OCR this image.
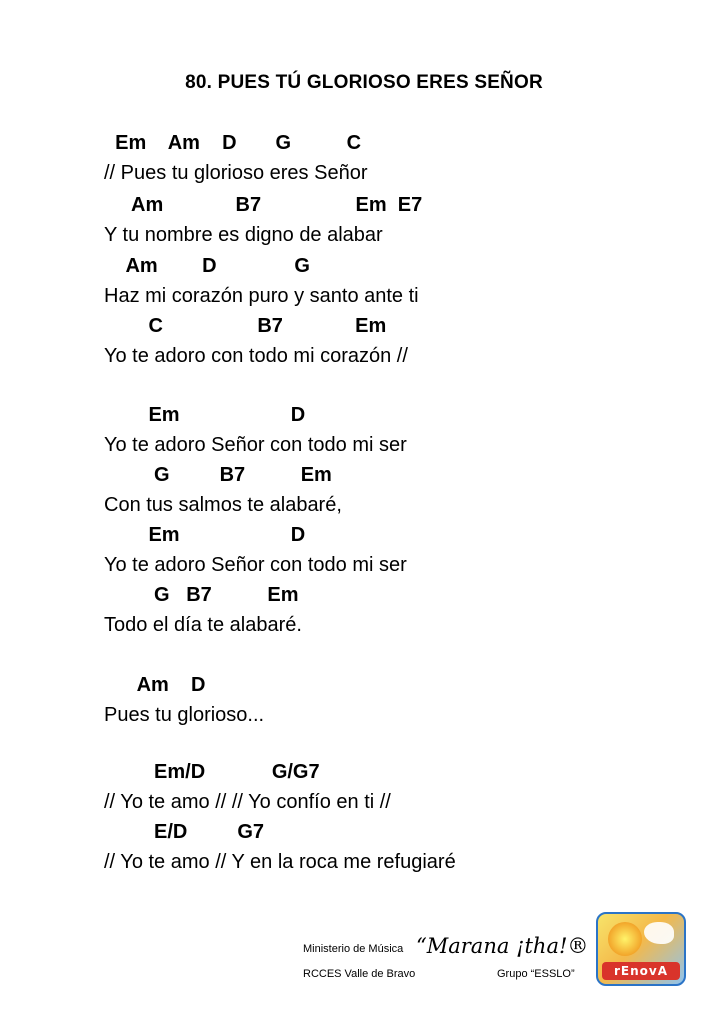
80. PUES TÚ GLORIOSO ERES SEÑOR
Em    Am    D       G          C
// Pues tu glorioso eres Señor
Am             B7                 Em  E7
Y tu nombre es digno de alabar
Am        D              G
Haz mi corazón puro y santo ante ti
C                 B7             Em
Yo te adoro con todo mi corazón //
Em                    D
Yo te adoro Señor con todo mi ser
G         B7          Em
Con tus salmos te alabaré,
Em                    D
Yo te adoro Señor con todo mi ser
G   B7          Em
Todo el día te alabaré.
Am    D
Pues tu glorioso...
Em/D            G/G7
// Yo te amo // // Yo confío en ti //
E/D         G7
// Yo te amo // Y en la roca me refugiaré
Ministerio de Música “Marana ¡tha!®
RCCES Valle de Bravo	Grupo “ESSLO”	rEnovA
